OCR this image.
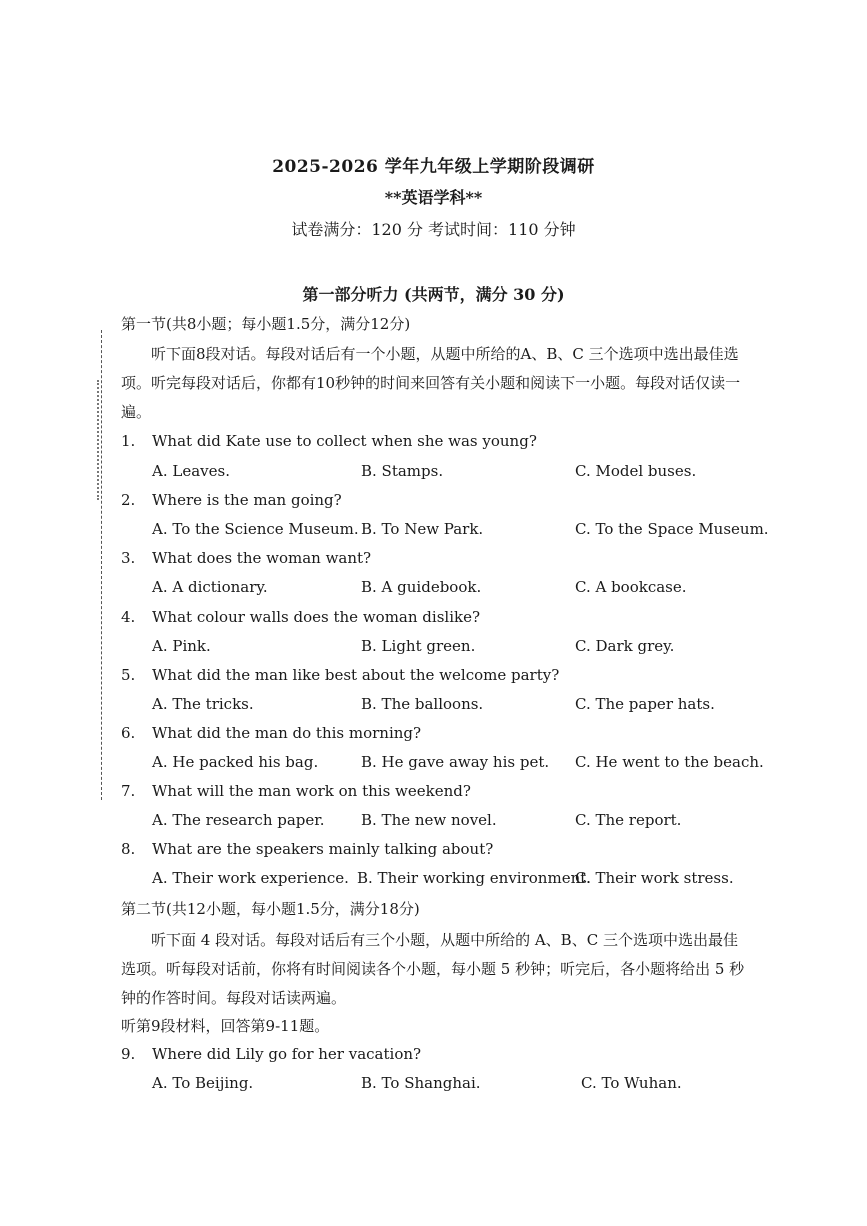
2025-2026 学年九年级上学期阶段调研
**英语学科**
试卷满分：120 分 考试时间：110 分钟
第一部分听力 (共两节，满分 30 分)
第一节(共8小题；每小题1.5分，满分12分)
听下面8段对话。每段对话后有一个小题，从题中所给的A、B、C 三个选项中选出最佳选项。听完每段对话后，你都有10秒钟的时间来回答有关小题和阅读下一小题。每段对话仅读一遍。
1. What did Kate use to collect when she was young?
A. Leaves.	B. Stamps.	C. Model buses.
2. Where is the man going?
A. To the Science Museum. B. To New Park.	C. To the Space Museum.
3. What does the woman want?
A. A dictionary.	B. A guidebook.	C. A bookcase.
4. What colour walls does the woman dislike?
A. Pink.	B. Light green.	C. Dark grey.
5. What did the man like best about the welcome party?
A. The tricks.	B. The balloons.	C. The paper hats.
6. What did the man do this morning?
A. He packed his bag.	B. He gave away his pet. C. He went to the beach.
7. What will the man work on this weekend?
A. The research paper. B. The new novel.	C. The report.
8. What are the speakers mainly talking about?
A. Their work experience. B. Their working environment.
C. Their work stress.
第二节(共12小题，每小题1.5分，满分18分)
听下面 4 段对话。每段对话后有三个小题，从题中所给的 A、B、C 三个选项中选出最佳选项。听每段对话前，你将有时间阅读各个小题，每小题 5 秒钟；听完后，各小题将给出 5 秒钟的作答时间。每段对话读两遍。
听第9段材料，回答第9-11题。
9. Where did Lily go for her vacation?
A. To Beijing.	B. To Shanghai.	C. To Wuhan.
